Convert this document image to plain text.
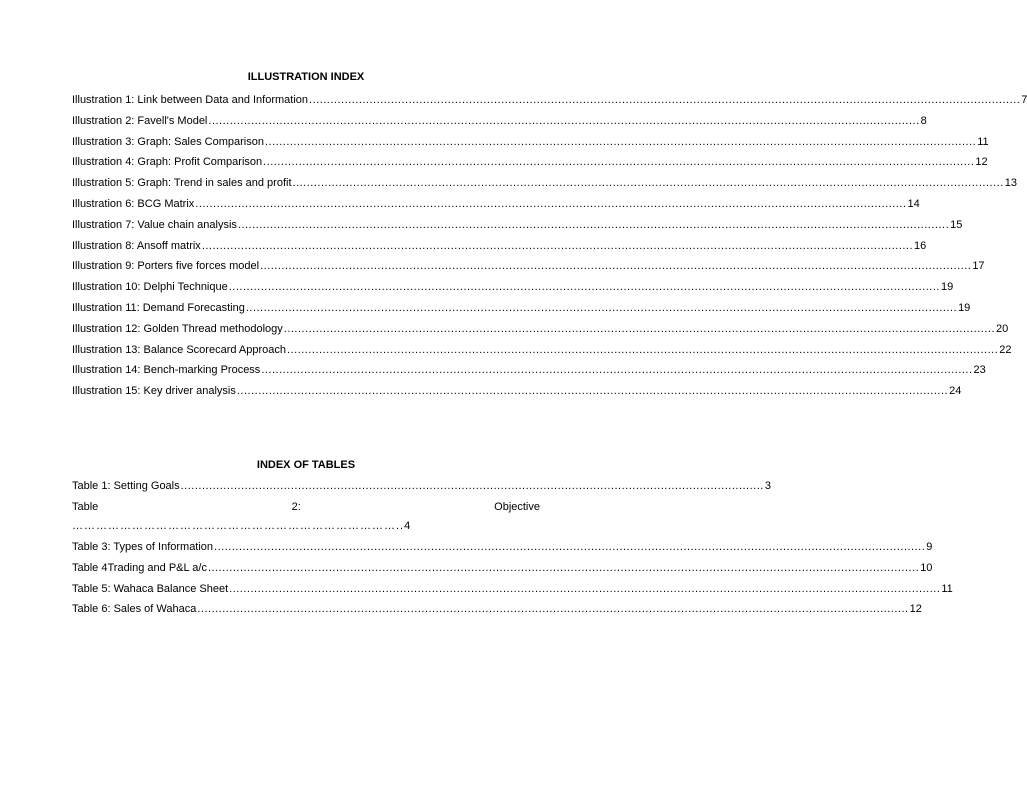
ILLUSTRATION INDEX
Illustration 1: Link between Data and Information ........................................................................................................................................................................................................ 7
Illustration 2: Favell's Model ........................................................................................................................................................................................................ 8
Illustration 3: Graph: Sales Comparison ........................................................................................................................................................................................................ 11
Illustration 4: Graph: Profit Comparison ........................................................................................................................................................................................................ 12
Illustration 5: Graph: Trend in sales and profit ........................................................................................................................................................................................................ 13
Illustration 6: BCG Matrix ........................................................................................................................................................................................................ 14
Illustration 7: Value chain analysis ........................................................................................................................................................................................................ 15
Illustration 8: Ansoff matrix ........................................................................................................................................................................................................ 16
Illustration 9: Porters five forces model ........................................................................................................................................................................................................ 17
Illustration 10: Delphi Technique ........................................................................................................................................................................................................ 19
Illustration 11: Demand Forecasting ........................................................................................................................................................................................................ 19
Illustration 12: Golden Thread methodology ........................................................................................................................................................................................................ 20
Illustration 13: Balance Scorecard Approach ........................................................................................................................................................................................................ 22
Illustration 14: Bench-marking Process ........................................................................................................................................................................................................ 23
Illustration 15: Key driver analysis ........................................................................................................................................................................................................ 24
INDEX OF TABLES
Table 1: Setting Goals .................................................................................................................................................................... 3
Table	2:	Objective
………………………………………………………………………..4
Table 3: Types of Information ........................................................................................................................................................................................................ 9
Table 4Trading and P&L a/c ........................................................................................................................................................................................................ 10
Table 5: Wahaca Balance Sheet ........................................................................................................................................................................................................ 11
Table 6: Sales of Wahaca ........................................................................................................................................................................................................ 12
